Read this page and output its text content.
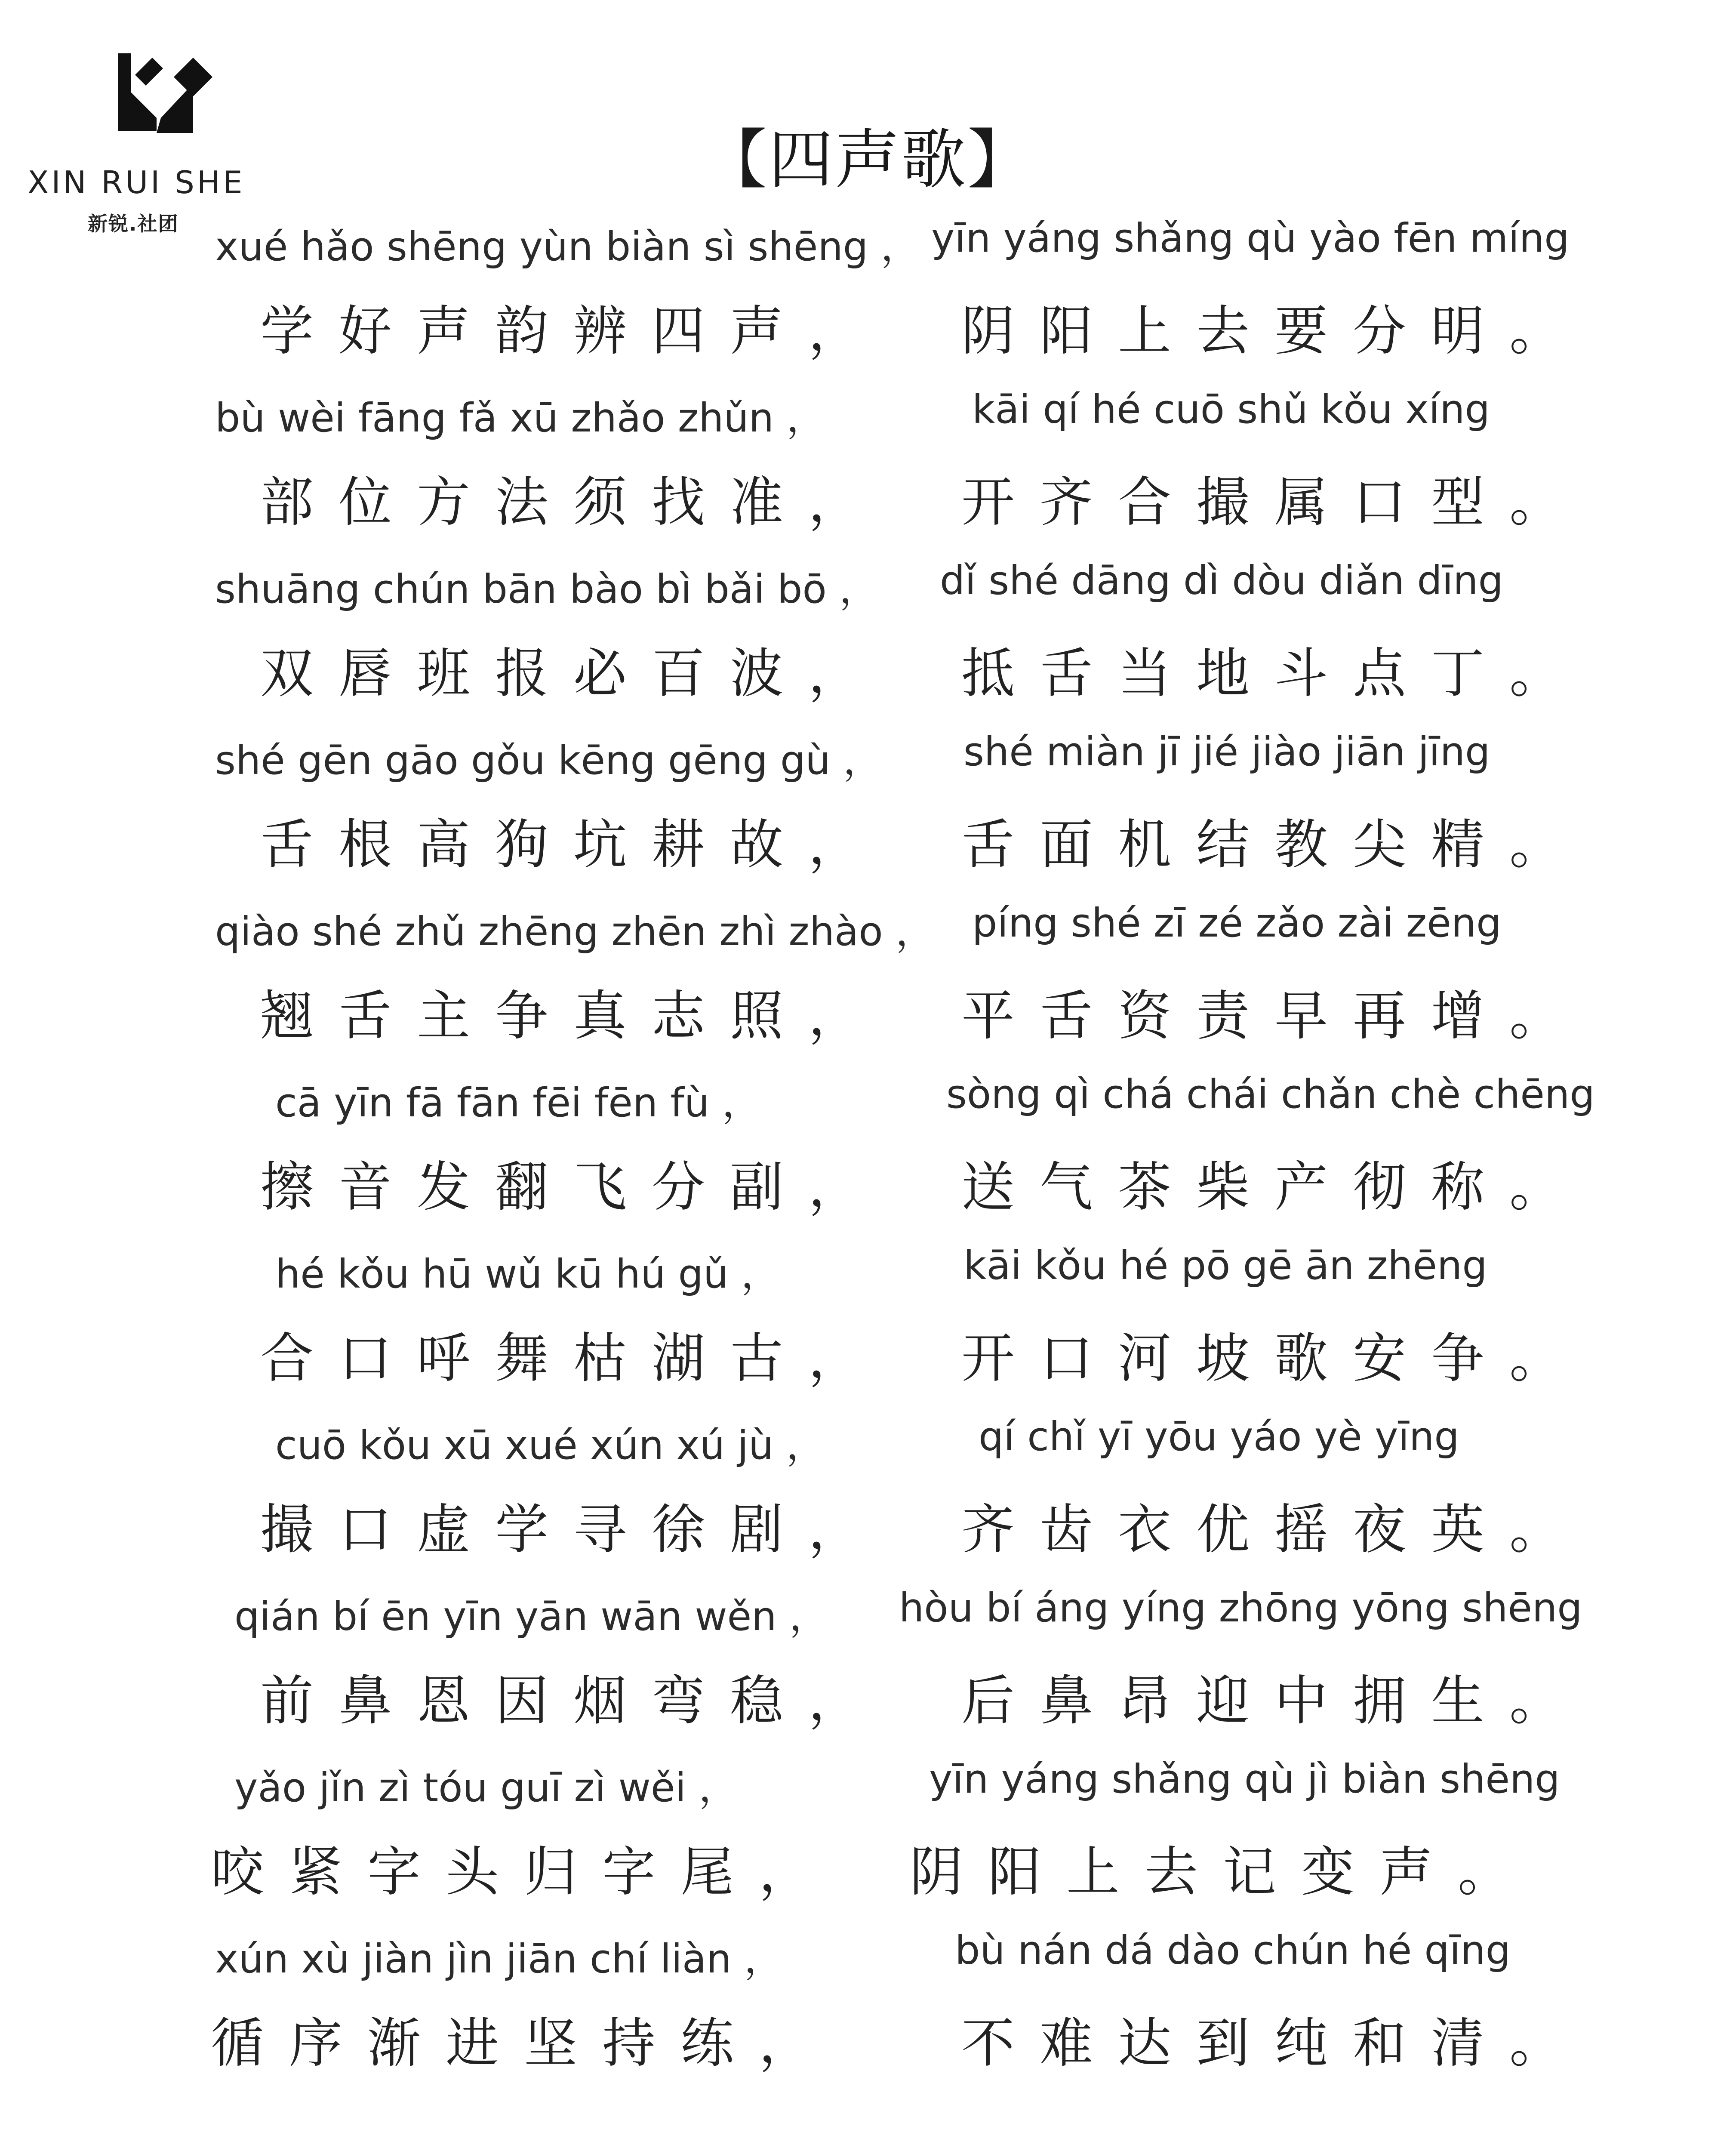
XIN RUI SHE
新锐.社团
【四声歌】
xué hǎo shēng yùn biàn sì shēng ，
学好声韵辨四声，
yīn yáng shǎng qù yào fēn míng
阴阳上去要分明。
bù wèi fāng fǎ xū zhǎo zhǔn ，
部位方法须找准，
kāi qí hé cuō shǔ kǒu xíng
开齐合撮属口型。
shuāng chún bān bào bì bǎi bō ，
双唇班报必百波，
dǐ shé dāng dì dòu diǎn dīng
抵舌当地斗点丁。
shé gēn gāo gǒu kēng gēng gù ，
舌根高狗坑耕故，
shé miàn jī jié jiào jiān jīng
舌面机结教尖精。
qiào shé zhǔ zhēng zhēn zhì zhào ，
翘舌主争真志照，
píng shé zī zé zǎo zài zēng
平舌资责早再增。
cā yīn fā fān fēi fēn fù ，
擦音发翻飞分副，
sòng qì chá chái chǎn chè chēng
送气茶柴产彻称。
hé kǒu hū wǔ kū hú gǔ ，
合口呼舞枯湖古，
kāi kǒu hé pō gē ān zhēng
开口河坡歌安争。
cuō kǒu xū xué xún xú jù ，
撮口虚学寻徐剧，
qí chǐ yī yōu yáo yè yīng
齐齿衣优摇夜英。
qián bí ēn yīn yān wān wěn ，
前鼻恩因烟弯稳，
hòu bí áng yíng zhōng yōng shēng
后鼻昂迎中拥生。
yǎo jǐn zì tóu guī zì wěi ，
咬紧字头归字尾，
yīn yáng shǎng qù jì biàn shēng
阴阳上去记变声。
xún xù jiàn jìn jiān chí liàn ，
循序渐进坚持练，
bù nán dá dào chún hé qīng
不难达到纯和清。
